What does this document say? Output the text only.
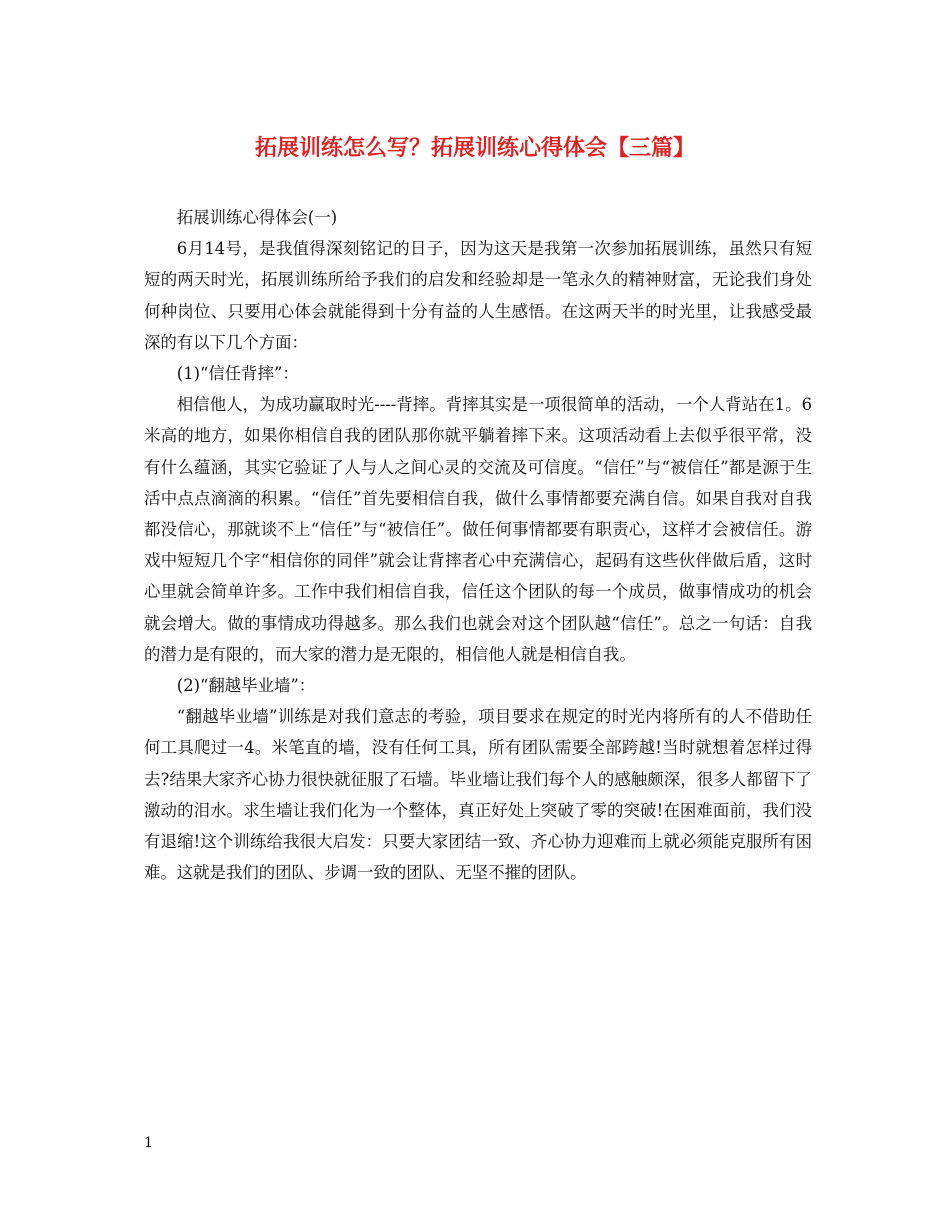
拓展训练怎么写？拓展训练心得体会【三篇】

拓展训练心得体会(一)

6月14号，是我值得深刻铭记的日子，因为这天是我第一次参加拓展训练，虽然只有短短的两天时光，拓展训练所给予我们的启发和经验却是一笔永久的精神财富，无论我们身处何种岗位、只要用心体会就能得到十分有益的人生感悟。在这两天半的时光里，让我感受最深的有以下几个方面：

(1)“信任背摔”：

相信他人，为成功赢取时光----背摔。背摔其实是一项很简单的活动，一个人背站在1。6米高的地方，如果你相信自我的团队那你就平躺着摔下来。这项活动看上去似乎很平常，没有什么蕴涵，其实它验证了人与人之间心灵的交流及可信度。“信任”与“被信任”都是源于生活中点点滴滴的积累。“信任”首先要相信自我，做什么事情都要充满自信。如果自我对自我都没信心，那就谈不上“信任”与“被信任”。做任何事情都要有职责心，这样才会被信任。游戏中短短几个字“相信你的同伴”就会让背摔者心中充满信心，起码有这些伙伴做后盾，这时心里就会简单许多。工作中我们相信自我，信任这个团队的每一个成员，做事情成功的机会就会增大。做的事情成功得越多。那么我们也就会对这个团队越“信任”。总之一句话：自我的潜力是有限的，而大家的潜力是无限的，相信他人就是相信自我。

(2)“翻越毕业墙”：

“翻越毕业墙”训练是对我们意志的考验，项目要求在规定的时光内将所有的人不借助任何工具爬过一4。米笔直的墙，没有任何工具，所有团队需要全部跨越!当时就想着怎样过得去?结果大家齐心协力很快就征服了石墙。毕业墙让我们每个人的感触颇深，很多人都留下了激动的泪水。求生墙让我们化为一个整体，真正好处上突破了零的突破!在困难面前，我们没有退缩!这个训练给我很大启发：只要大家团结一致、齐心协力迎难而上就必须能克服所有困难。这就是我们的团队、步调一致的团队、无坚不摧的团队。

1
